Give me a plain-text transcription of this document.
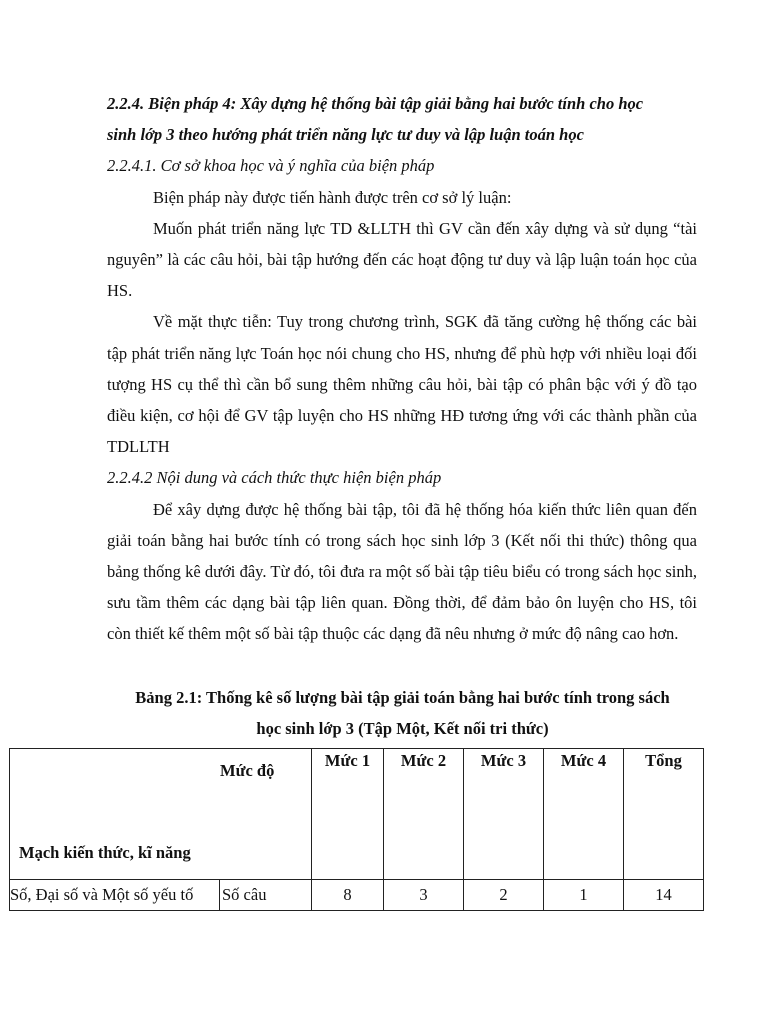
2.2.4. Biện pháp 4: Xây dựng hệ thống bài tập giải bằng hai bước tính cho học

sinh lớp 3 theo hướng phát triển năng lực tư duy và lập luận toán học

2.2.4.1. Cơ sở khoa học và ý nghĩa của biện pháp

Biện pháp này được tiến hành được trên cơ sở lý luận:

Muốn phát triển năng lực TD &LLTH thì GV cần đến xây dựng và sử dụng “tài nguyên” là các câu hỏi, bài tập hướng đến các hoạt động tư duy và lập luận toán học của HS.

Về mặt thực tiễn: Tuy trong chương trình, SGK đã tăng cường hệ thống các bài tập phát triển năng lực Toán học nói chung cho HS, nhưng để phù hợp với nhiều loại đối tượng HS cụ thể thì cần bổ sung thêm những câu hỏi, bài tập có phân bậc với ý đồ tạo điều kiện, cơ hội để GV tập luyện cho HS những HĐ tương ứng với các thành phần của TDLLTH

2.2.4.2 Nội dung và cách thức thực hiện biện pháp

Để xây dựng được hệ thống bài tập, tôi đã hệ thống hóa kiến thức liên quan đến giải toán bằng hai bước tính có trong sách học sinh lớp 3 (Kết nối thi thức) thông qua bảng thống kê dưới đây. Từ đó, tôi đưa ra một số bài tập tiêu biểu có trong sách học sinh, sưu tầm thêm các dạng bài tập liên quan. Đồng thời, để đảm bảo ôn luyện cho HS, tôi còn thiết kế thêm một số bài tập thuộc các dạng đã nêu nhưng ở mức độ nâng cao hơn.

Bảng 2.1: Thống kê số lượng bài tập giải toán bằng hai bước tính trong sách

học sinh lớp 3 (Tập Một, Kết nối tri thức)

Mức độ
Mạch kiến thức, kĩ năng		Mức 1	Mức 2	Mức 3	Mức 4	Tổng
Số, Đại số và Một số yếu tố	Số câu	8	3	2	1	14
